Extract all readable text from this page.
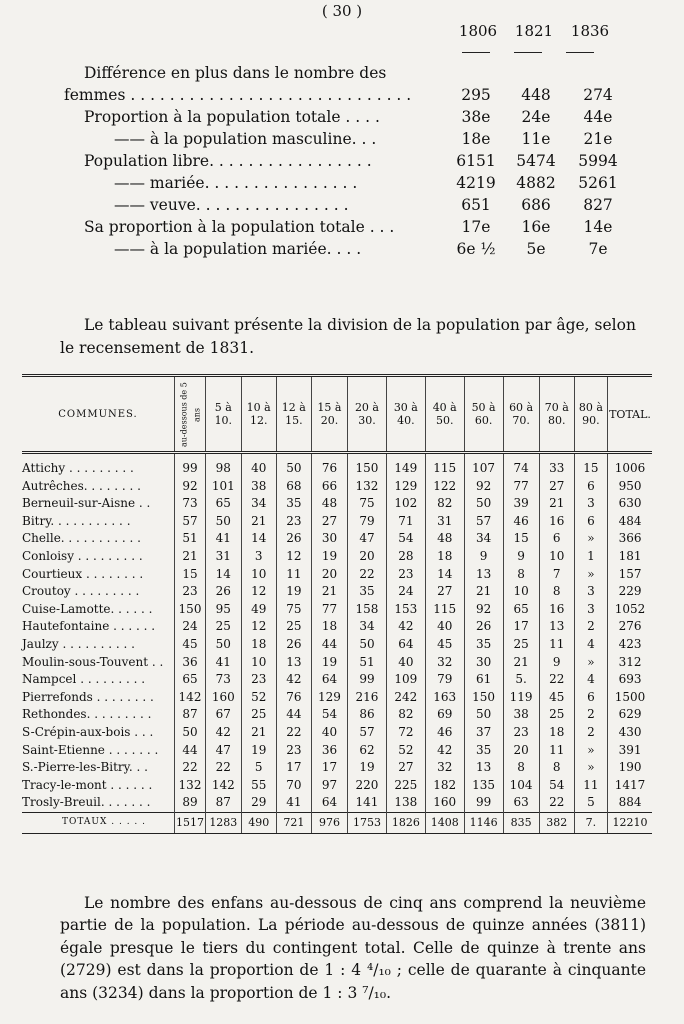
( 30 )
1806	1821	1836
Différence en plus dans le nombre des
femmes . . . . . . . . . . . . . . . . . . . . . . . . . . . . .	295	448	274
Proportion à la population totale . . . .	38e	24e	44e
—— à la population masculine. . .	18e	11e	21e
Population libre. . . . . . . . . . . . . . . . .	6151	5474	5994
—— mariée. . . . . . . . . . . . . . . .	4219	4882	5261
—— veuve. . . . . . . . . . . . . . . .	651	686	827
Sa proportion à la population totale . . .	17e	16e	14e
—— à la population mariée. . . .	6e ½	5e	7e

Le tableau suivant présente la division de la population par âge, selon le recensement de 1831.

COMMUNES.	au-dessous de 5 ans	5 à 10.	10 à 12.	12 à 15.	15 à 20.	20 à 30.	30 à 40.	40 à 50.	50 à 60.	60 à 70.	70 à 80.	80 à 90.	TOTAL.
Attichy . . . . . . . . .	99	98	40	50	76	150	149	115	107	74	33	15	1006
Autrêches. . . . . . . .	92	101	38	68	66	132	129	122	92	77	27	6	950
Berneuil-sur-Aisne . .	73	65	34	35	48	75	102	82	50	39	21	3	630
Bitry. . . . . . . . . . .	57	50	21	23	27	79	71	31	57	46	16	6	484
Chelle. . . . . . . . . . .	51	41	14	26	30	47	54	48	34	15	6	»	366
Conloisy . . . . . . . . .	21	31	3	12	19	20	28	18	9	9	10	1	181
Courtieux . . . . . . . .	15	14	10	11	20	22	23	14	13	8	7	»	157
Croutoy . . . . . . . . .	23	26	12	19	21	35	24	27	21	10	8	3	229
Cuise-Lamotte. . . . . .	150	95	49	75	77	158	153	115	92	65	16	3	1052
Hautefontaine . . . . . .	24	25	12	25	18	34	42	40	26	17	13	2	276
Jaulzy . . . . . . . . . .	45	50	18	26	44	50	64	45	35	25	11	4	423
Moulin-sous-Touvent . .	36	41	10	13	19	51	40	32	30	21	9	»	312
Nampcel . . . . . . . . .	65	73	23	42	64	99	109	79	61	5.	22	4	693
Pierrefonds . . . . . . . .	142	160	52	76	129	216	242	163	150	119	45	6	1500
Rethondes. . . . . . . . .	87	67	25	44	54	86	82	69	50	38	25	2	629
S-Crépin-aux-bois . . .	50	42	21	22	40	57	72	46	37	23	18	2	430
Saint-Etienne . . . . . . .	44	47	19	23	36	62	52	42	35	20	11	»	391
S.-Pierre-les-Bitry. . .	22	22	5	17	17	19	27	32	13	8	8	»	190
Tracy-le-mont . . . . . .	132	142	55	70	97	220	225	182	135	104	54	11	1417
Trosly-Breuil. . . . . . .	89	87	29	41	64	141	138	160	99	63	22	5	884
TOTAUX . . . . .	1517	1283	490	721	976	1753	1826	1408	1146	835	382	7.	12210

Le nombre des enfans au-dessous de cinq ans comprend la neuvième partie de la population. La période au-dessous de quinze années (3811) égale presque le tiers du contingent total. Celle de quinze à trente ans (2729) est dans la proportion de 1 : 4 ⁴/₁₀ ; celle de quarante à cinquante ans (3234) dans la proportion de 1 : 3 ⁷/₁₀.
